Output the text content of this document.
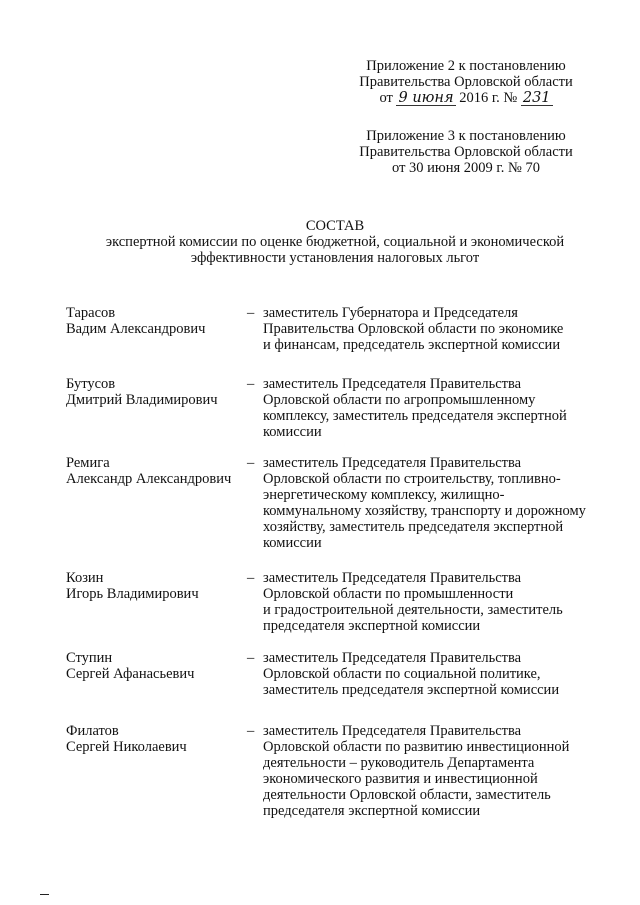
Приложение 2 к постановлению
Правительства Орловской области
от 9 июня 2016 г. № 231
Приложение 3 к постановлению
Правительства Орловской области
от 30 июня 2009 г. № 70
СОСТАВ
экспертной комиссии по оценке бюджетной, социальной и экономической
эффективности установления налоговых льгот
Тарасов
Вадим Александрович
– заместитель Губернатора и Председателя
Правительства Орловской области по экономике
и финансам, председатель экспертной комиссии
Бутусов
Дмитрий Владимирович
– заместитель Председателя Правительства
Орловской области по агропромышленному
комплексу, заместитель председателя экспертной
комиссии
Ремига
Александр Александрович
– заместитель Председателя Правительства
Орловской области по строительству, топливно-
энергетическому комплексу, жилищно-
коммунальному хозяйству, транспорту и дорожному
хозяйству, заместитель председателя экспертной
комиссии
Козин
Игорь Владимирович
– заместитель Председателя Правительства
Орловской области по промышленности
и градостроительной деятельности, заместитель
председателя экспертной комиссии
Ступин
Сергей Афанасьевич
– заместитель Председателя Правительства
Орловской области по социальной политике,
заместитель председателя экспертной комиссии
Филатов
Сергей Николаевич
– заместитель Председателя Правительства
Орловской области по развитию инвестиционной
деятельности – руководитель Департамента
экономического развития и инвестиционной
деятельности Орловской области, заместитель
председателя экспертной комиссии
